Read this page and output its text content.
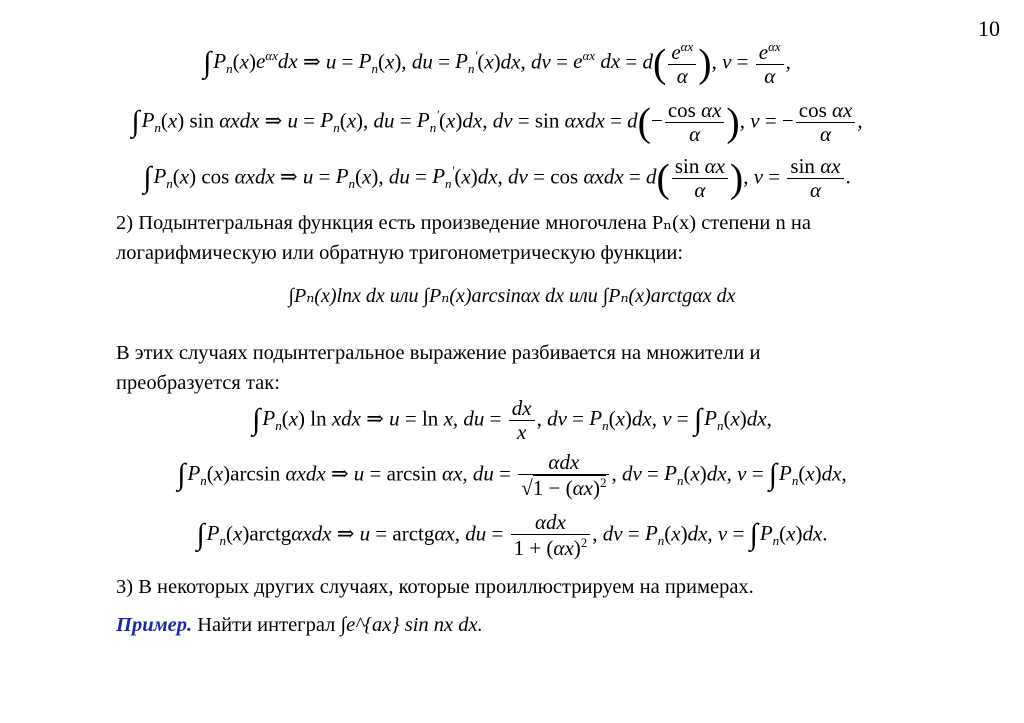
10
$\int P_n(x)e^{\alpha x}dx$ ⇒ $u = P_n(x)$, du = $P_n'(x)dx$, dv = $e^{\alpha x}$ dx = $d( \frac{e^{\alpha x}}{\alpha}$ ), $v = \frac{e^{\alpha x}}{\alpha}$ ,
$\int P_n(x)$ sin αxdx ⇒ $u = P_n(x)$, du = $P_n'(x)dx$, dv = $\sin \alpha xdx = d(- \frac{\text{cos αx}}{\alpha}$ ), v = − $\frac{\text{cos αx}}{\alpha}$ ,
$\int P_n(x)$ cos αxdx ⇒ $u = P_n(x)$, du = $P_n'(x)dx$, dv = $\cos \alpha xdx = d( \frac{\text{sin αx}}{\alpha}$ ), $v = \frac{\text{sin αx}}{\alpha}$ .
2) Подынтегральная функция есть произведение многочлена Pₙ(x) степени n на
логарифмическую или обратную тригонометрическую функции:
∫Pₙ(x)lnx dx или ∫Pₙ(x)arcsinαx dx или ∫Pₙ(x)arctgαx dx
В этих случаях подынтегральное выражение разбивается на множители и
преобразуется так:
$\int P_n(x)$ ln xdx ⇒ u = ln x, du = $\frac{dx}{x}$ , dv = $P_n(x)dx$, $v = \int P_n(x)dx$,
$\int P_n(x)\arcsin$ αxdx ⇒ u = arcsin αx, du = $\frac{\text{αdx}}{√1 - (\alpha x)^2}$ , dv = $P_n(x)dx$, $v = \int P_n(x)dx$,
$\int P_n(x)arctg\alpha xdx$ ⇒ u = arctgαx, du = $\frac{\text{αdx}}{1 + (\alpha x)^2}$ , dv = $P_n(x)dx$, $v = \int P_n(x)dx$.
3) В некоторых других случаях, которые проиллюстрируем на примерах.
Пример. Найти интеграл ∫e^{ax} sin nx dx.
